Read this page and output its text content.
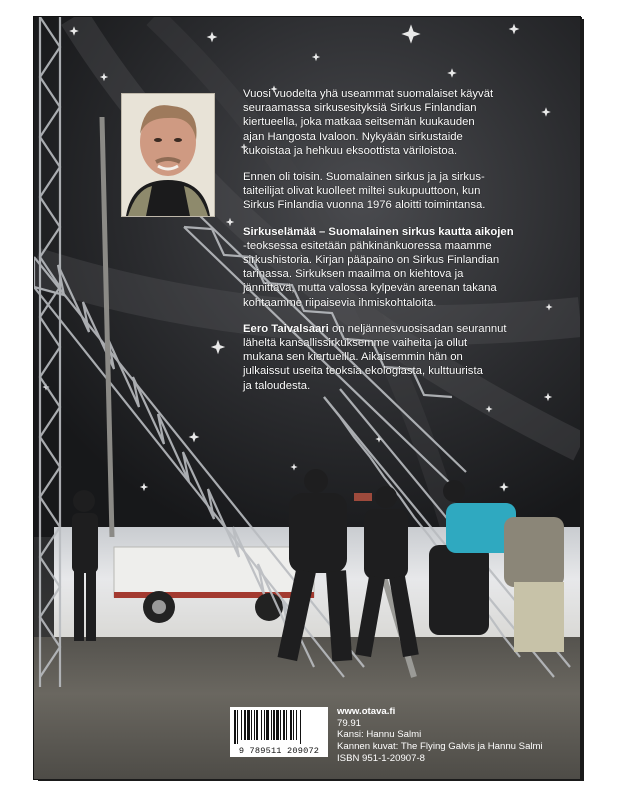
Vuosi vuodelta yhä useammat suomalaiset käyvät
seuraamassa sirkusesityksiä Sirkus Finlandian
kiertueella, joka matkaa seitsemän kuukauden
ajan Hangosta Ivaloon. Nykyään sirkustaide
kukoistaa ja hehkuu eksoottista väriloistoa.

Ennen oli toisin. Suomalainen sirkus ja ja sirkus-
taiteilijat olivat kuolleet miltei sukupuuttoon, kun
Sirkus Finlandia vuonna 1976 aloitti toimintansa.

Sirkuselämää – Suomalainen sirkus kautta aikojen
-teoksessa esitetään pähkinänkuoressa maamme
sirkushistoria. Kirjan pääpaino on Sirkus Finlandian
tarinassa. Sirkuksen maailma on kiehtova ja
jännittävä, mutta valossa kylpevän areenan takana
kohtaamme riipaisevia ihmiskohtaloita.

Eero Taivalsaari on neljännesvuosisadan seurannut
läheltä kansallissirkuksemme vaiheita ja ollut
mukana sen kiertueilla. Aikaisemmin hän on
julkaissut useita teoksia ekologiasta, kulttuurista
ja taloudesta.

9 789511 209072
www.otava.fi
79.91
Kansi: Hannu Salmi
Kannen kuvat: The Flying Galvis ja Hannu Salmi
ISBN 951-1-20907-8
